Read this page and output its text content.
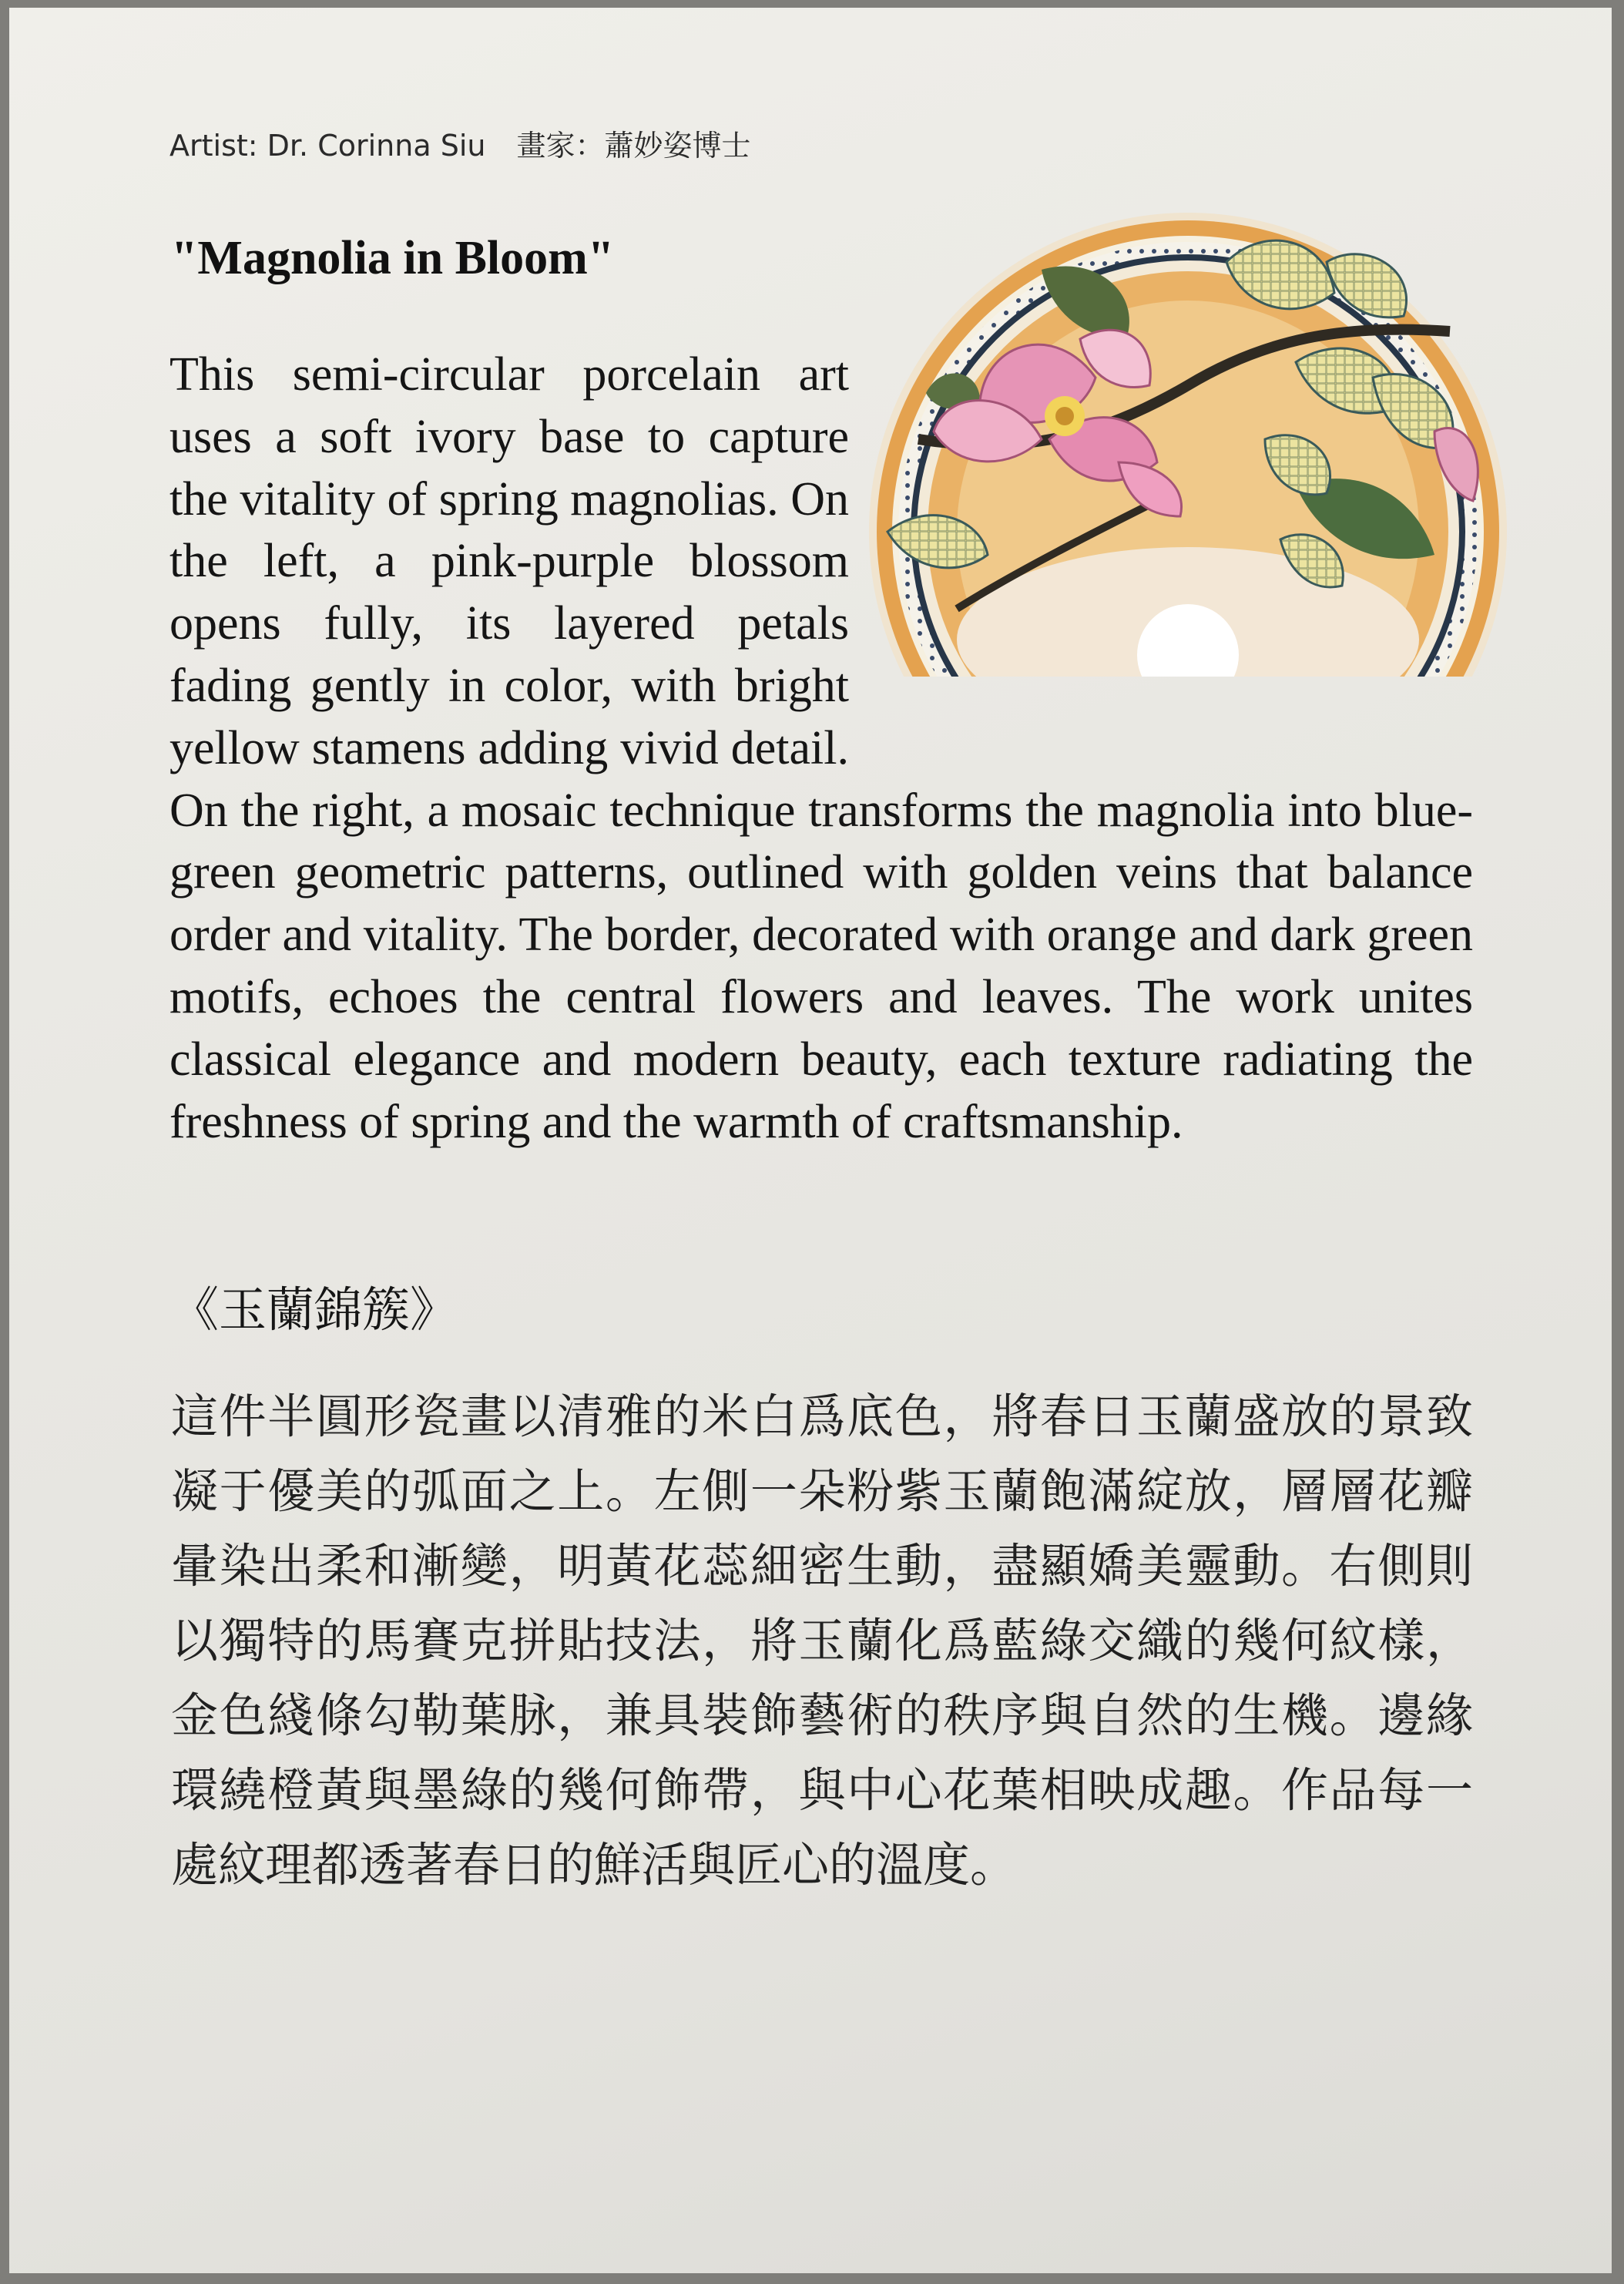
Artist: Dr. Corinna Siu 畫家：蕭妙姿博士
"Magnolia in Bloom"
This semi-circular porcelain art uses a soft ivory base to capture the vitality of spring magnolias. On the left, a pink-purple blossom opens fully, its layered petals fading gently in color, with bright yellow stamens adding vivid detail. On the right, a mosaic technique transforms the magnolia into blue-green geometric patterns, outlined with golden veins that balance order and vitality. The border, decorated with orange and dark green motifs, echoes the central flowers and leaves. The work unites classical elegance and modern beauty, each texture radiating the freshness of spring and the warmth of craftsmanship.
《玉蘭錦簇》
這件半圓形瓷畫以清雅的米白爲底色，將春日玉蘭盛放的景致凝于優美的弧面之上。左側一朵粉紫玉蘭飽滿綻放，層層花瓣暈染出柔和漸變，明黃花蕊細密生動，盡顯嬌美靈動。右側則以獨特的馬賽克拼貼技法，將玉蘭化爲藍綠交織的幾何紋樣，金色綫條勾勒葉脉，兼具裝飾藝術的秩序與自然的生機。邊緣環繞橙黃與墨綠的幾何飾帶，與中心花葉相映成趣。作品每一處紋理都透著春日的鮮活與匠心的溫度。
